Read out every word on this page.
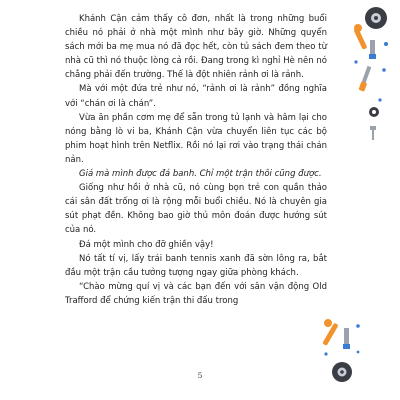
Khánh Cận cảm thấy cô đơn, nhất là trong những buổi chiều nó phải ở nhà một mình như bây giờ. Những quyển sách mới ba mẹ mua nó đã đọc hết, còn tủ sách đem theo từ nhà cũ thì nó thuộc lòng cả rồi. Đang trong kì nghỉ Hè nên nó chẳng phải đến trường. Thế là đột nhiên rảnh ơi là rảnh.

Mà với một đứa trẻ như nó, “rảnh ơi là rảnh” đồng nghĩa với “chán ơi là chán”.

Vừa ăn phần cơm mẹ để sẵn trong tủ lạnh và hâm lại cho nóng bằng lò vi ba, Khánh Cận vừa chuyển liên tục các bộ phim hoạt hình trên Netflix. Rồi nó lại rơi vào trạng thái chán nản.

Giá mà mình được đá banh. Chỉ một trận thôi cũng được.

Giống như hồi ở nhà cũ, nó cùng bọn trẻ con quần thảo cái sân đất trống ơi là rộng mỗi buổi chiều. Nó là chuyên gia sút phạt đền. Không bao giờ thủ môn đoán được hướng sút của nó.

Đá một mình cho đỡ ghiền vậy!

Nó tất tí vị, lấy trái banh tennis xanh đã sờn lông ra, bắt đầu một trận cầu tưởng tượng ngay giữa phòng khách.

“Chào mừng quí vị và các bạn đến với sân vận động Old Trafford để chứng kiến trận thi đấu trong

5
